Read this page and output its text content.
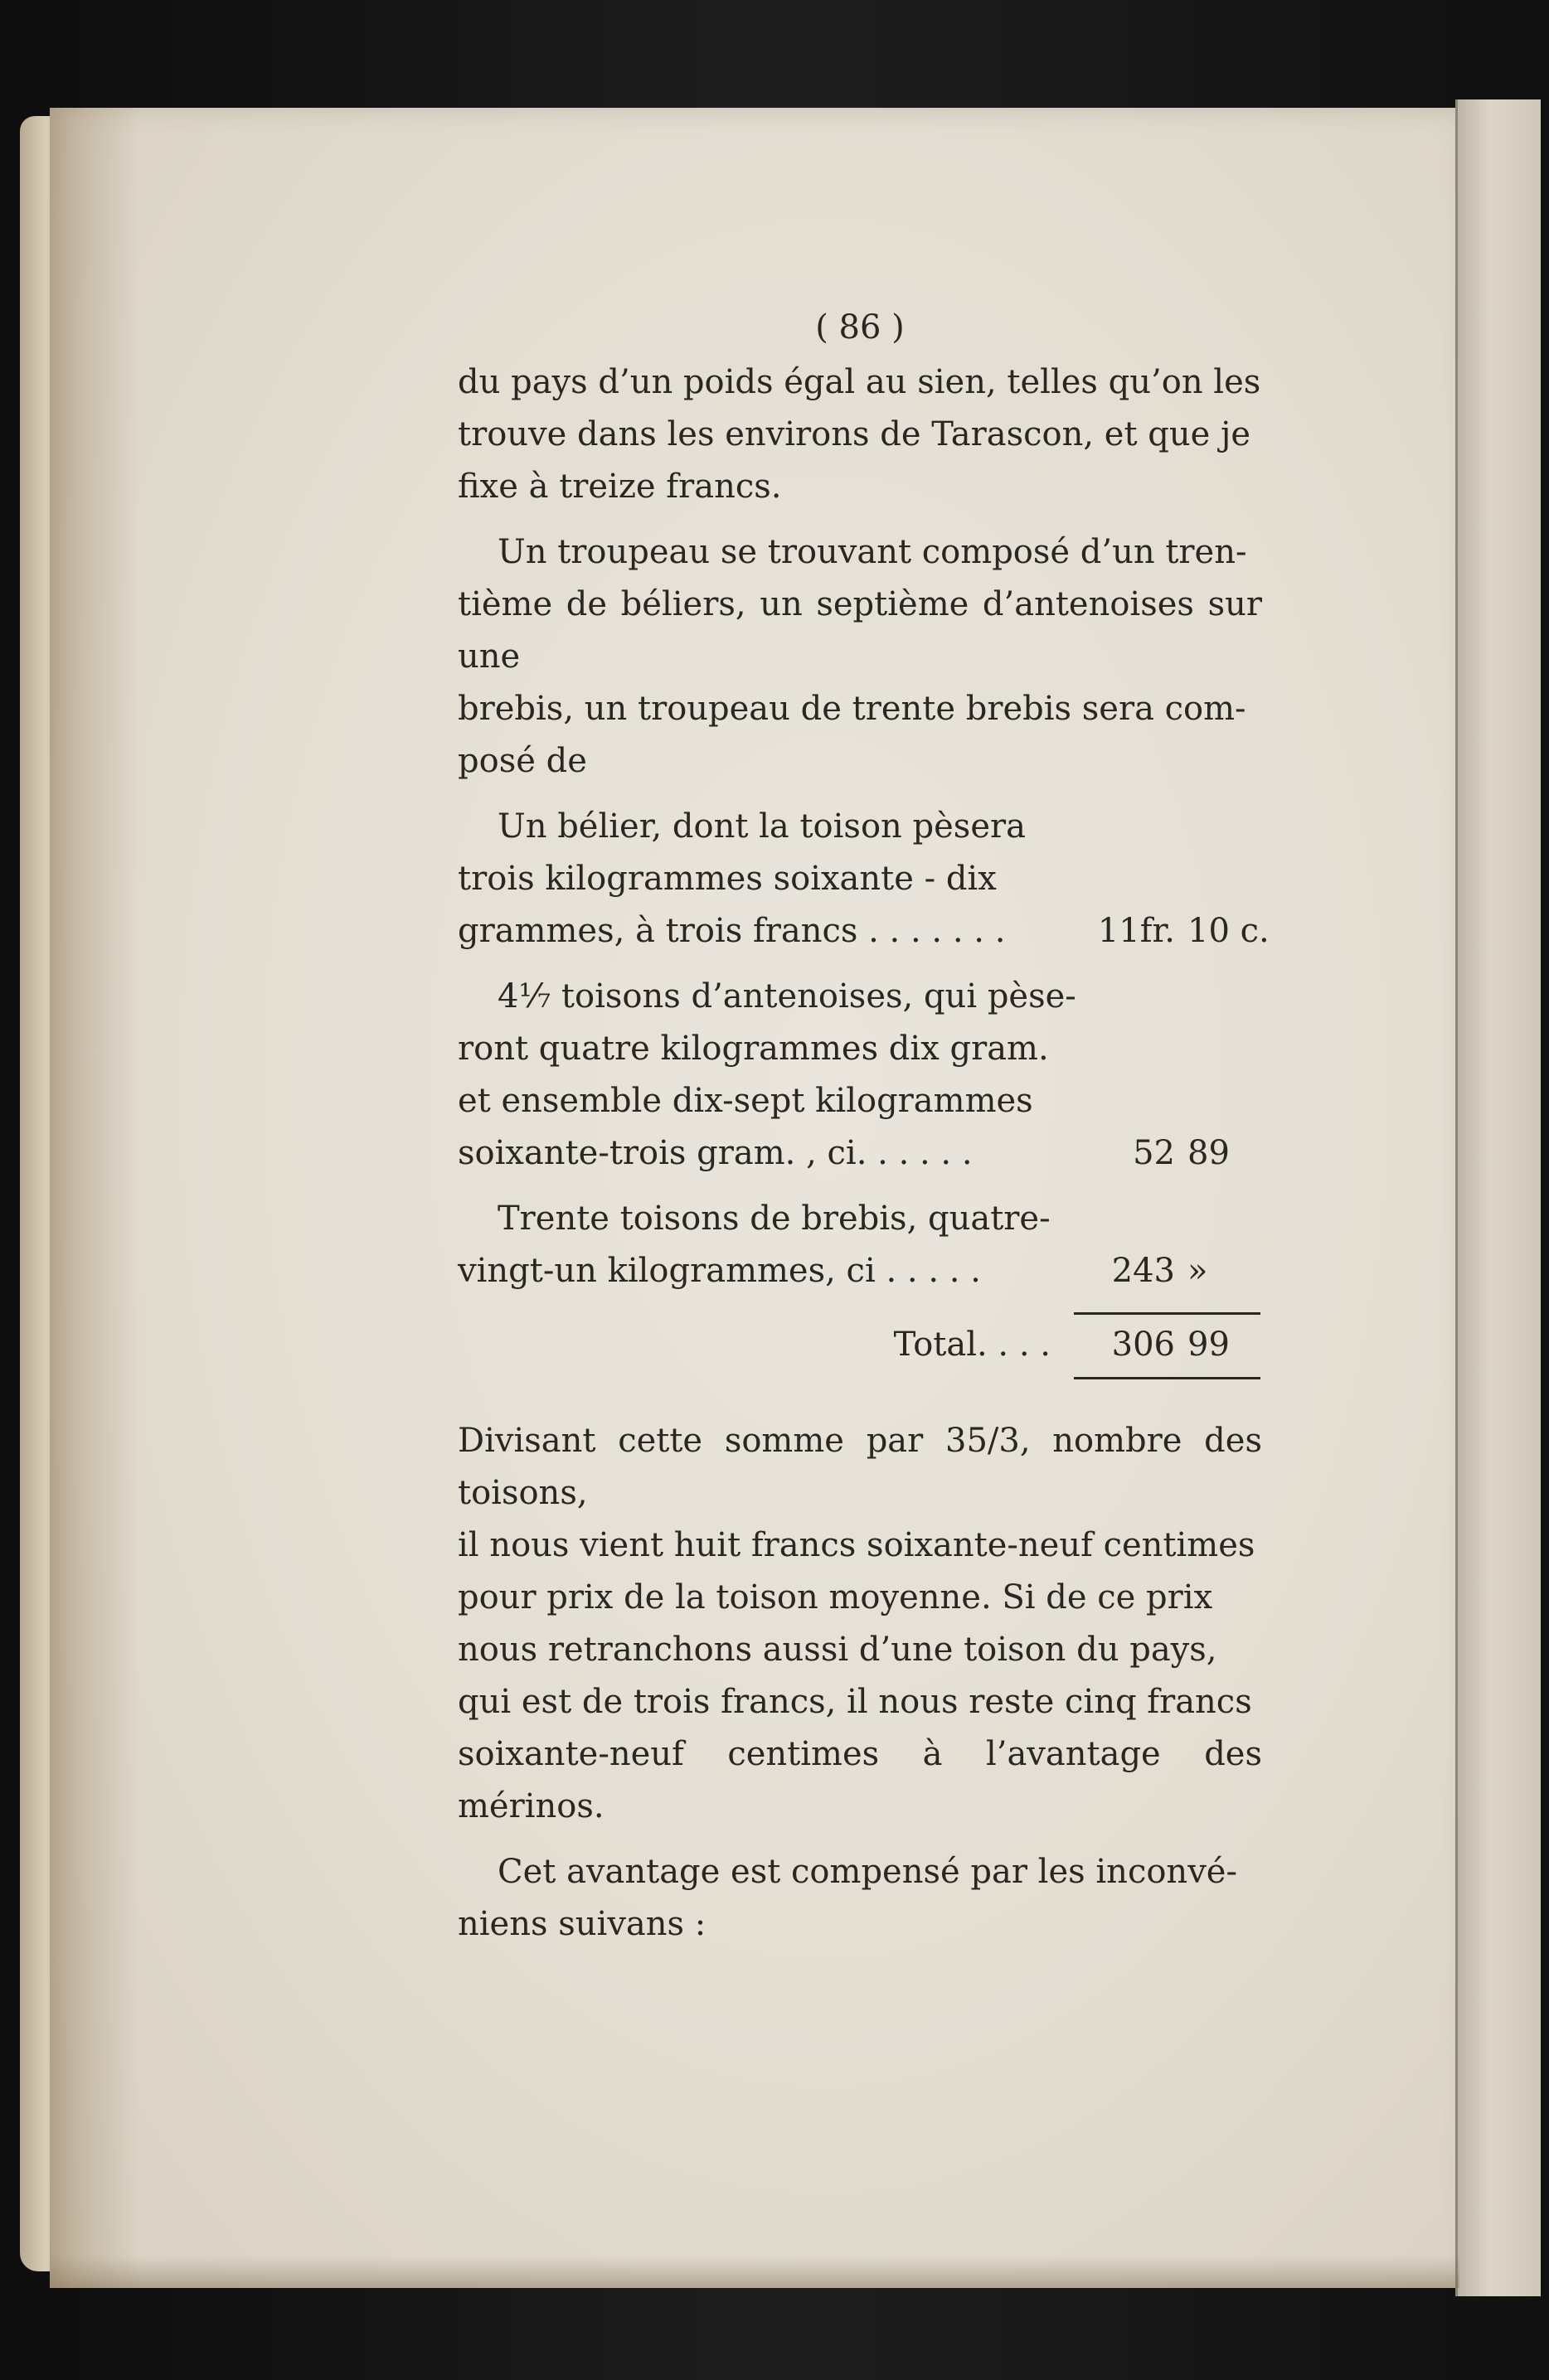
( 86 )

du pays d’un poids égal au sien, telles qu’on les
trouve dans les environs de Tarascon, et que je
fixe à treize francs.

Un troupeau se trouvant composé d’un tren-
tième de béliers, un septième d’antenoises sur une
brebis, un troupeau de trente brebis sera com-
posé de

Un bélier, dont la toison pèsera
trois kilogrammes soixante - dix
grammes, à trois francs . . . . . . .	11fr. 10 c.

4⅟₇ toisons d’antenoises, qui pèse-
ront quatre kilogrammes dix gram.
et ensemble dix-sept kilogrammes
soixante-trois gram. , ci. . . . . .	52 89

Trente toisons de brebis, quatre-
vingt-un kilogrammes, ci . . . . .	243 »
Total. . . .	306 99

Divisant cette somme par 35/3, nombre des toisons,
il nous vient huit francs soixante-neuf centimes
pour prix de la toison moyenne. Si de ce prix
nous retranchons aussi d’une toison du pays,
qui est de trois francs, il nous reste cinq francs
soixante-neuf centimes à l’avantage des mérinos.

Cet avantage est compensé par les inconvé-
niens suivans :
